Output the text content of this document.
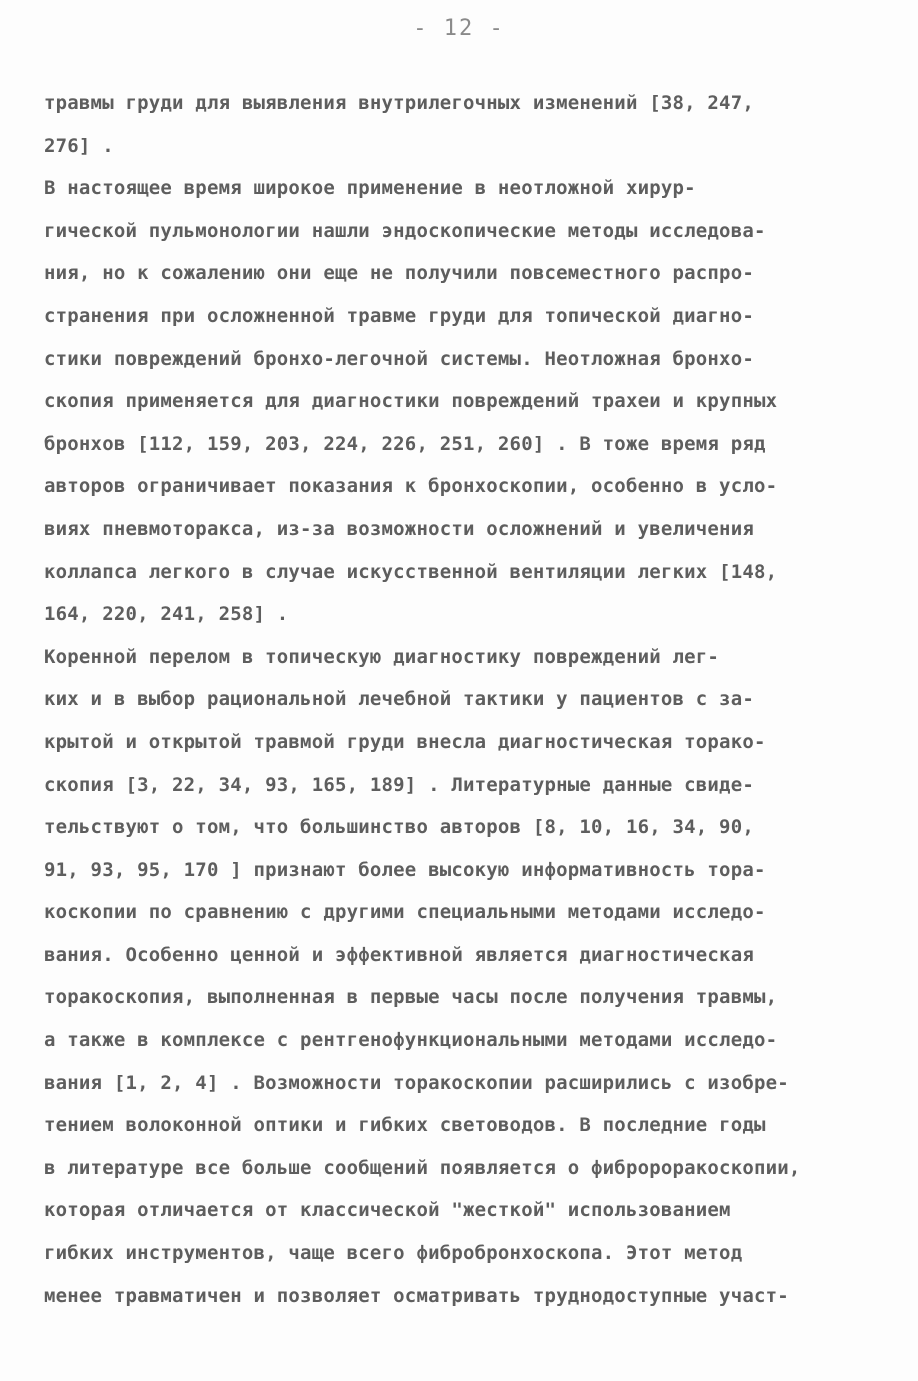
- 12 -
травмы груди для выявления внутрилегочных изменений [38, 247,
276] .
В настоящее время широкое применение в неотложной хирур-
гической пульмонологии нашли эндоскопические методы исследова-
ния, но к сожалению они еще не получили повсеместного распро-
странения при осложненной травме груди для топической диагно-
стики повреждений бронхо-легочной системы. Неотложная бронхо-
скопия применяется для диагностики повреждений трахеи и крупных
бронхов [112, 159, 203, 224, 226, 251, 260] . В тоже время ряд
авторов ограничивает показания к бронхоскопии, особенно в усло-
виях пневмоторакса, из-за возможности осложнений и увеличения
коллапса легкого в случае искусственной вентиляции легких [148,
164, 220, 241, 258] .
Коренной перелом в топическую диагностику повреждений лег-
ких и в выбор рациональной лечебной тактики у пациентов с за-
крытой и открытой травмой груди внесла диагностическая торако-
скопия [3, 22, 34, 93, 165, 189] . Литературные данные свиде-
тельствуют о том, что большинство авторов [8, 10, 16, 34, 90,
91, 93, 95, 170 ] признают более высокую информативность тора-
коскопии по сравнению с другими специальными методами исследо-
вания. Особенно ценной и эффективной является диагностическая
торакоскопия, выполненная в первые часы после получения травмы,
а также в комплексе с рентгенофункциональными методами исследо-
вания [1, 2, 4] . Возможности торакоскопии расширились с изобре-
тением волоконной оптики и гибких световодов. В последние годы
в литературе все больше сообщений появляется о фибророракоскопии,
которая отличается от классической "жесткой" использованием
гибких инструментов, чаще всего фибробронхоскопа. Этот метод
менее травматичен и позволяет осматривать труднодоступные участ-
